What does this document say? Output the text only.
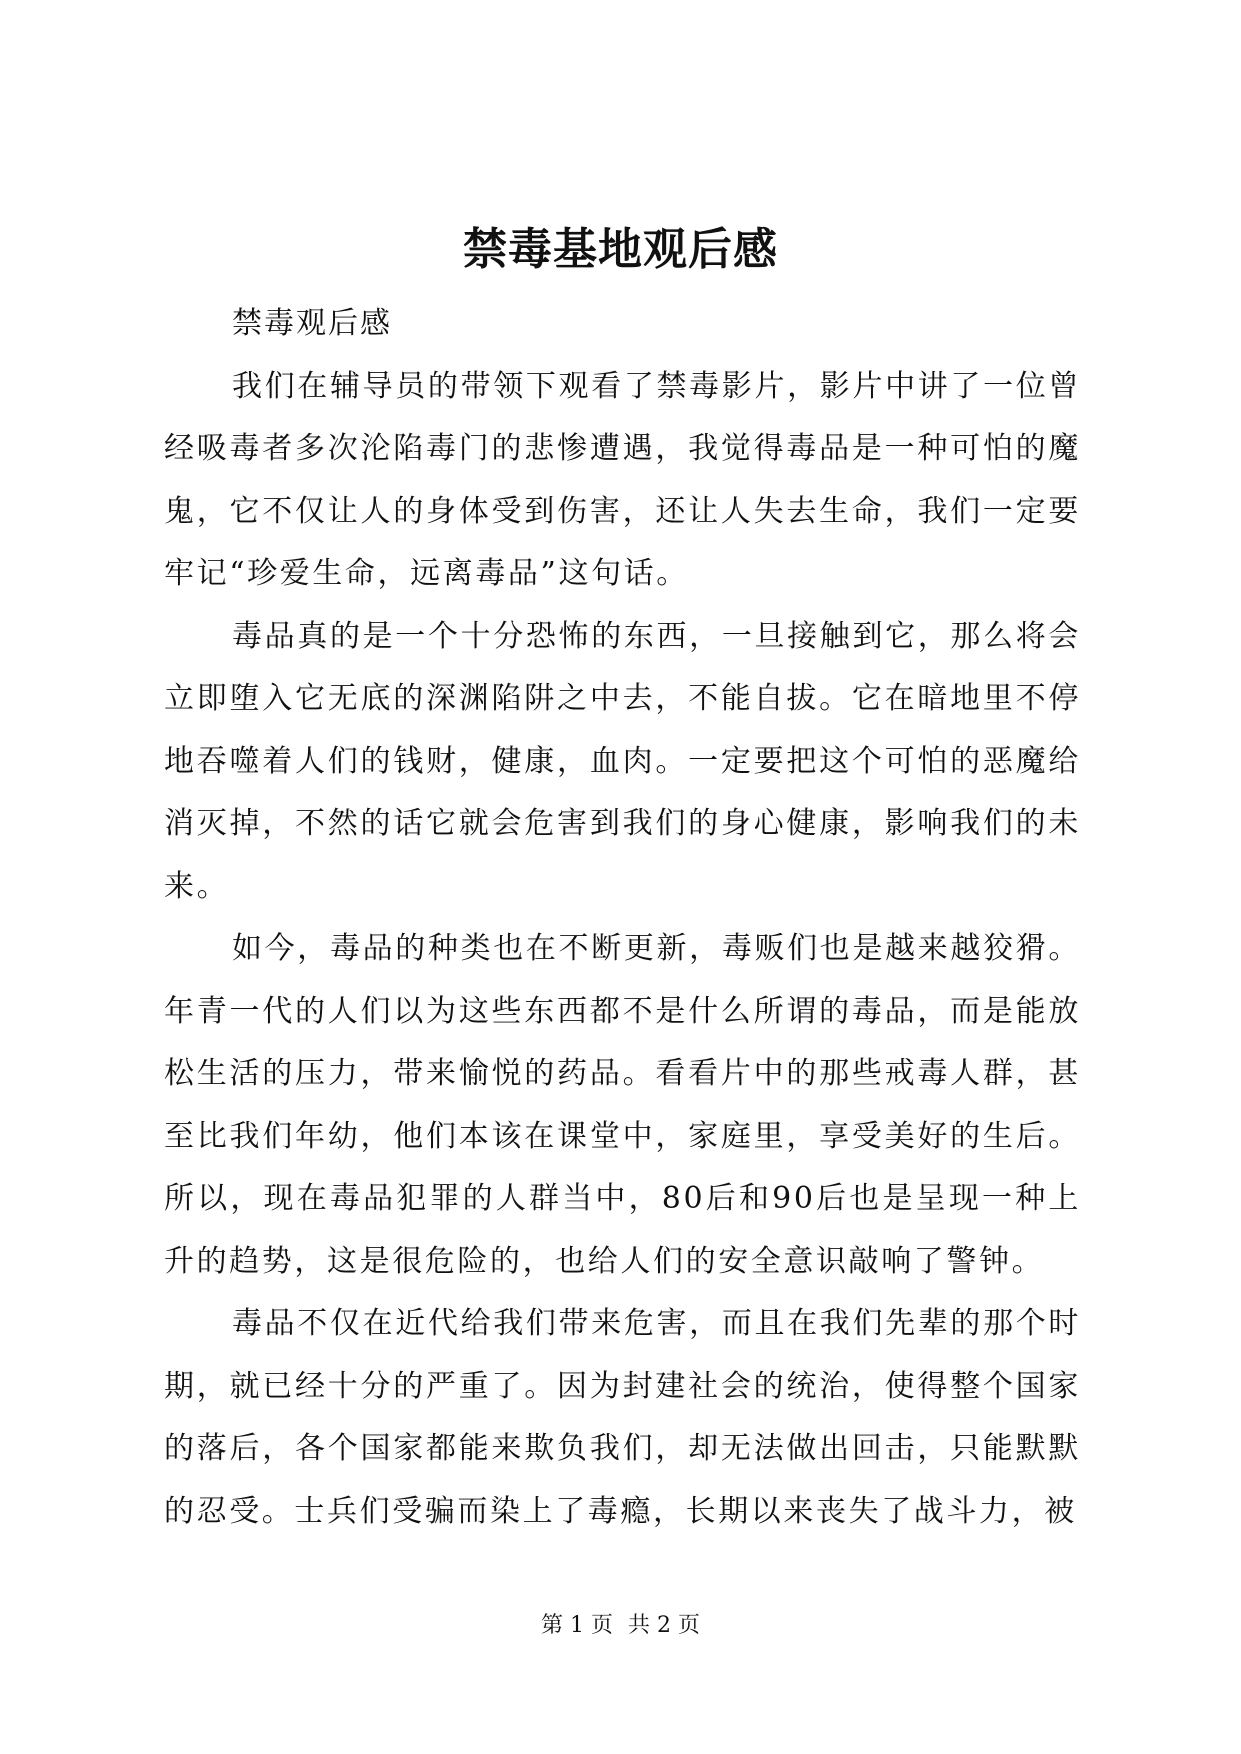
禁毒基地观后感

禁毒观后感

我们在辅导员的带领下观看了禁毒影片，影片中讲了一位曾经吸毒者多次沦陷毒门的悲惨遭遇，我觉得毒品是一种可怕的魔鬼，它不仅让人的身体受到伤害，还让人失去生命，我们一定要牢记“珍爱生命，远离毒品”这句话。

毒品真的是一个十分恐怖的东西，一旦接触到它，那么将会立即堕入它无底的深渊陷阱之中去，不能自拔。它在暗地里不停地吞噬着人们的钱财，健康，血肉。一定要把这个可怕的恶魔给消灭掉，不然的话它就会危害到我们的身心健康，影响我们的未来。

如今，毒品的种类也在不断更新，毒贩们也是越来越狡猾。年青一代的人们以为这些东西都不是什么所谓的毒品，而是能放松生活的压力，带来愉悦的药品。看看片中的那些戒毒人群，甚至比我们年幼，他们本该在课堂中，家庭里，享受美好的生后。所以，现在毒品犯罪的人群当中，80后和90后也是呈现一种上升的趋势，这是很危险的，也给人们的安全意识敲响了警钟。

毒品不仅在近代给我们带来危害，而且在我们先辈的那个时期，就已经十分的严重了。因为封建社会的统治，使得整个国家的落后，各个国家都能来欺负我们，却无法做出回击，只能默默的忍受。士兵们受骗而染上了毒瘾，长期以来丧失了战斗力，被

第 1 页 共 2 页
